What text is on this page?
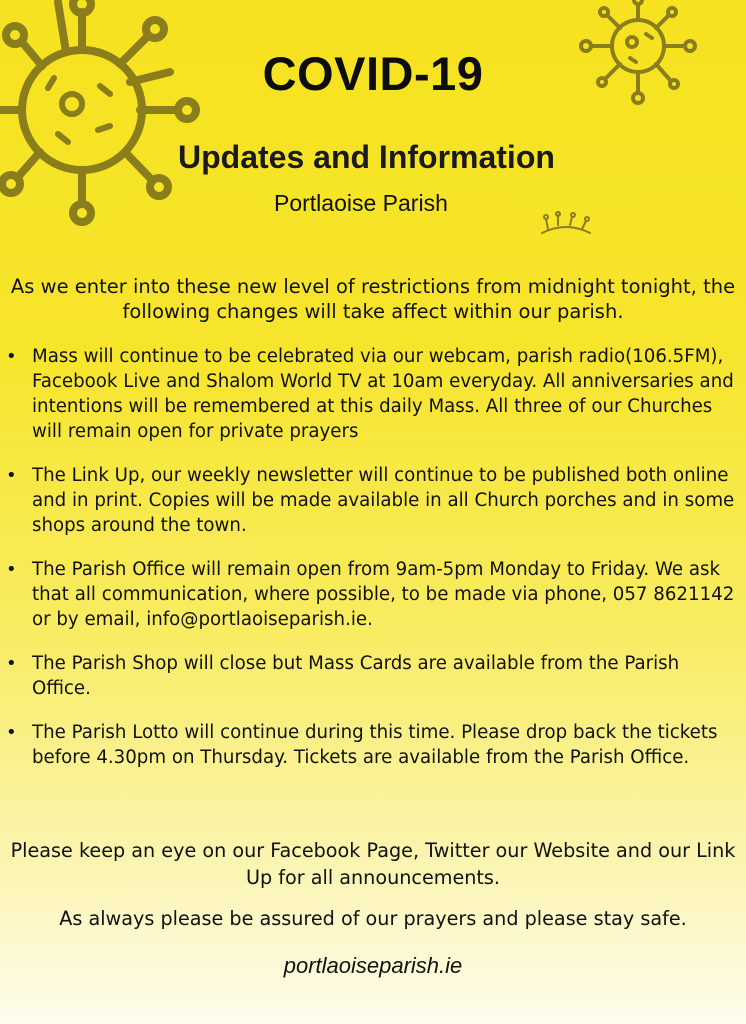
COVID-19
Updates and Information
Portlaoise Parish
As we enter into these new level of restrictions from midnight tonight, the following changes will take affect within our parish.
• Mass will continue to be celebrated via our webcam, parish radio(106.5FM), Facebook Live and Shalom World TV at 10am everyday. All anniversaries and intentions will be remembered at this daily Mass. All three of our Churches will remain open for private prayers
• The Link Up, our weekly newsletter will continue to be published both online and in print. Copies will be made available in all Church porches and in some shops around the town.
• The Parish Office will remain open from 9am-5pm Monday to Friday. We ask that all communication, where possible, to be made via phone, 057 8621142 or by email, info@portlaoiseparish.ie.
• The Parish Shop will close but Mass Cards are available from the Parish Office.
• The Parish Lotto will continue during this time. Please drop back the tickets before 4.30pm on Thursday. Tickets are available from the Parish Office.
Please keep an eye on our Facebook Page, Twitter our Website and our Link Up for all announcements.
As always please be assured of our prayers and please stay safe.
portlaoiseparish.ie
